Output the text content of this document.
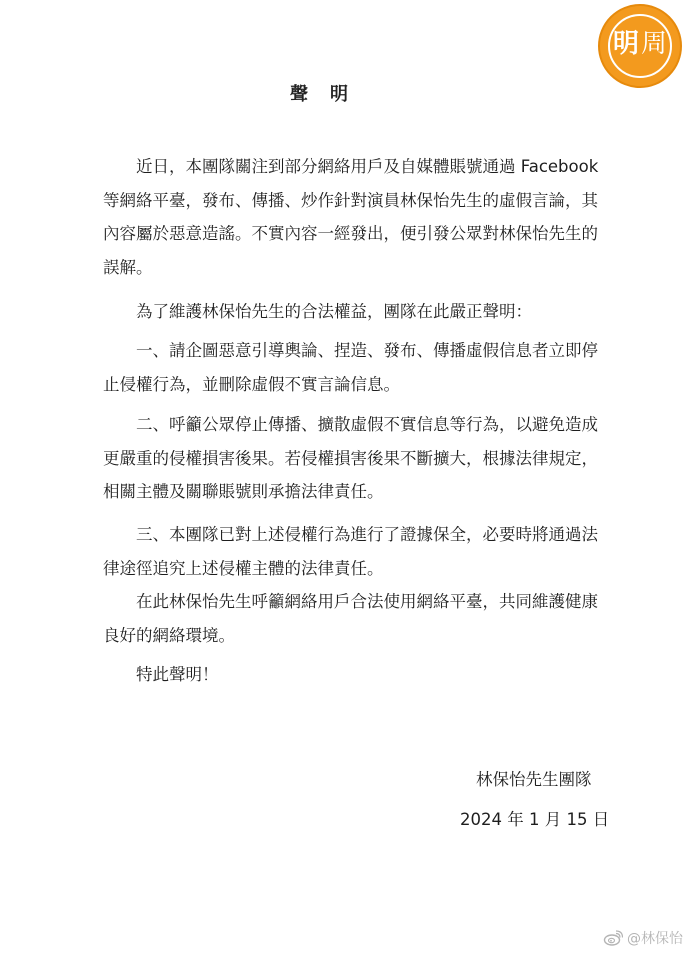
明 周
聲明
近日，本團隊關注到部分網絡用戶及自媒體賬號通過 Facebook
等網絡平臺，發布、傳播、炒作針對演員林保怡先生的虛假言論，其
內容屬於惡意造謠。不實內容一經發出，便引發公眾對林保怡先生的
誤解。
為了維護林保怡先生的合法權益，團隊在此嚴正聲明：
一、請企圖惡意引導輿論、捏造、發布、傳播虛假信息者立即停
止侵權行為，並刪除虛假不實言論信息。
二、呼籲公眾停止傳播、擴散虛假不實信息等行為，以避免造成
更嚴重的侵權損害後果。若侵權損害後果不斷擴大，根據法律規定，
相關主體及關聯賬號則承擔法律責任。
三、本團隊已對上述侵權行為進行了證據保全，必要時將通過法
律途徑追究上述侵權主體的法律責任。
在此林保怡先生呼籲網絡用戶合法使用網絡平臺，共同維護健康
良好的網絡環境。
特此聲明！
林保怡先生團隊
2024 年 1 月 15 日
@林保怡
